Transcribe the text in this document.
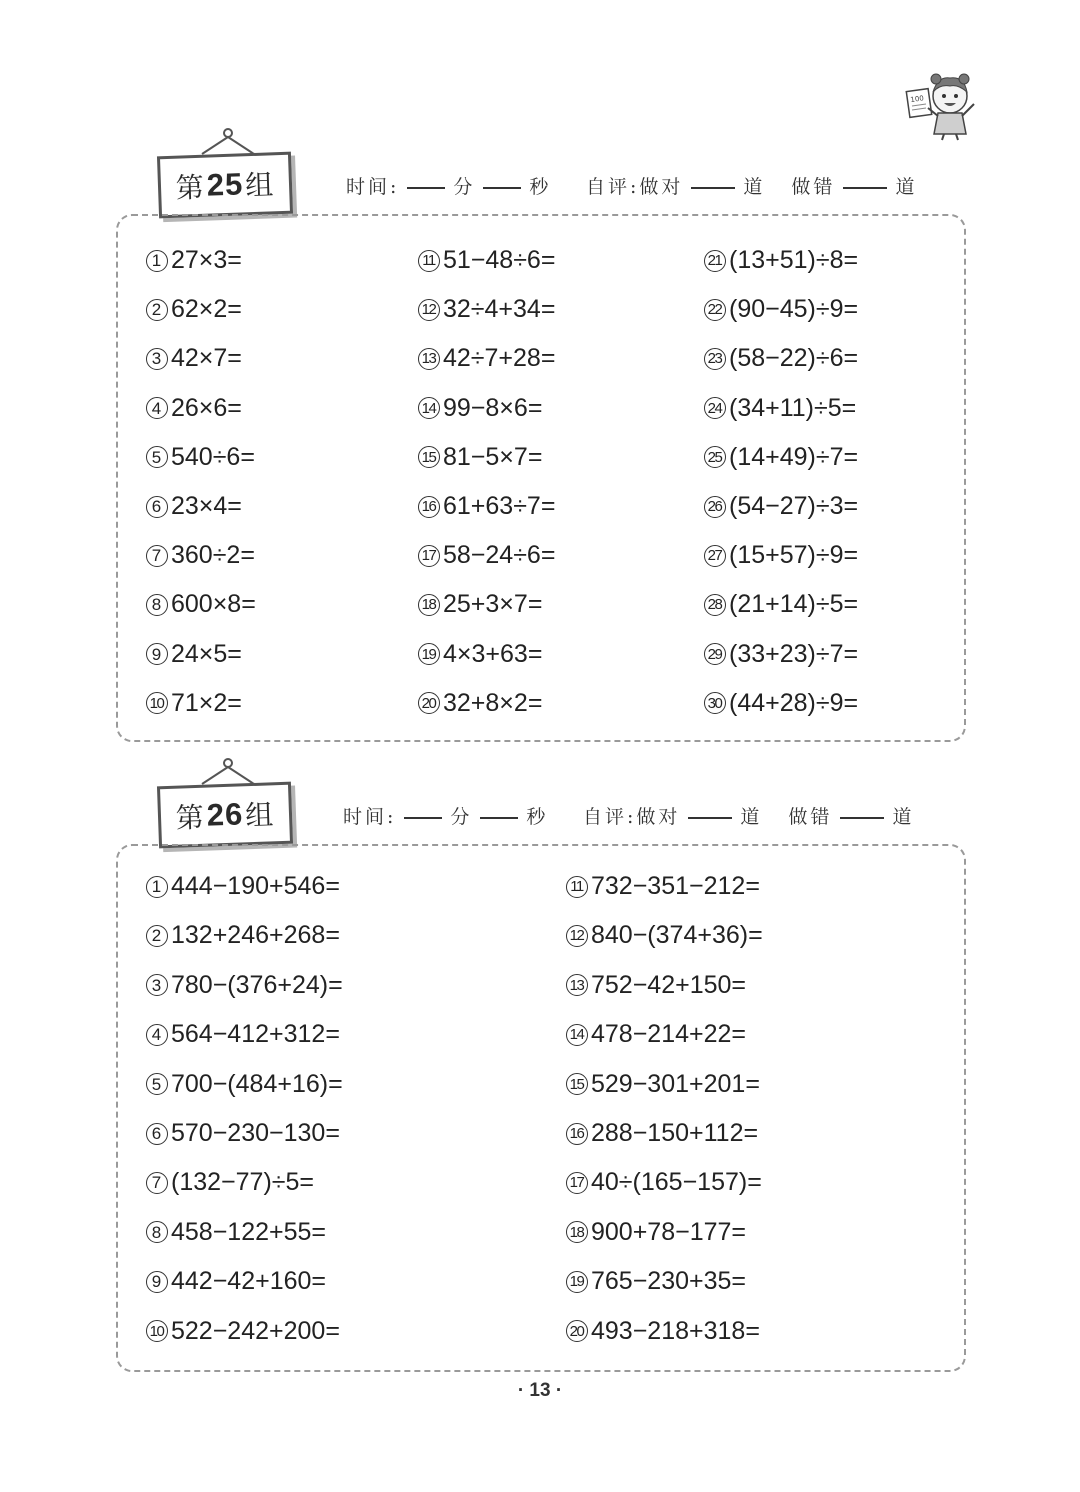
100
第 25 组	时间:	分	秒 自评:做对	道 做错	道
1 27×3=
2 62×2=
3 42×7=
4 26×6=
5 540÷6=
6 23×4=
7 360÷2=
8 600×8=
9 24×5=
10 71×2=
11 51−48÷6=
12 32÷4+34=
13 42÷7+28=
14 99−8×6=
15 81−5×7=
16 61+63÷7=
17 58−24÷6=
18 25+3×7=
19 4×3+63=
20 32+8×2=
21 (13+51)÷8=
22 (90−45)÷9=
23 (58−22)÷6=
24 (34+11)÷5=
25 (14+49)÷7=
26 (54−27)÷3=
27 (15+57)÷9=
28 (21+14)÷5=
29 (33+23)÷7=
30 (44+28)÷9=
第 26 组	时间:	分	秒 自评:做对	道 做错	道
1 444−190+546=
2 132+246+268=
3 780−(376+24)=
4 564−412+312=
5 700−(484+16)=
6 570−230−130=
7 (132−77)÷5=
8 458−122+55=
9 442−42+160=
10 522−242+200=
11 732−351−212=
12 840−(374+36)=
13 752−42+150=
14 478−214+22=
15 529−301+201=
16 288−150+112=
17 40÷(165−157)=
18 900+78−177=
19 765−230+35=
20 493−218+318=
· 13 ·
